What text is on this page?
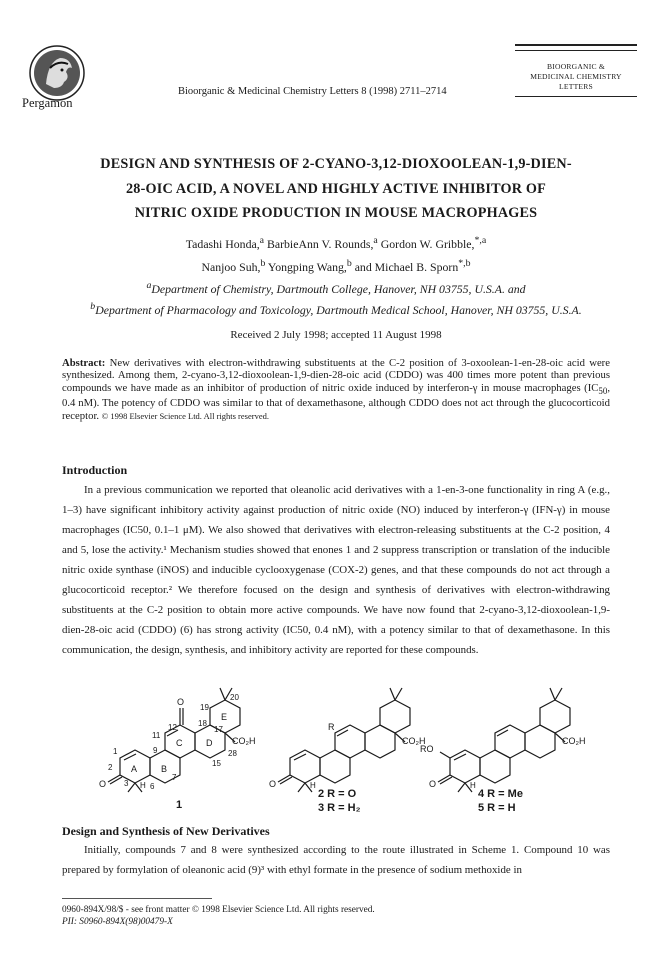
Pergamon
Bioorganic & Medicinal Chemistry Letters 8 (1998) 2711–2714
BIOORGANIC &
MEDICINAL CHEMISTRY
LETTERS
DESIGN AND SYNTHESIS OF 2-CYANO-3,12-DIOXOOLEAN-1,9-DIEN-
28-OIC ACID, A NOVEL AND HIGHLY ACTIVE INHIBITOR OF
NITRIC OXIDE PRODUCTION IN MOUSE MACROPHAGES
Tadashi Honda,$^a$ BarbieAnn V. Rounds,$^a$ Gordon W. Gribble,$^{*,a}$
Nanjoo Suh,$^b$ Yongping Wang,$^b$ and Michael B. Sporn$^{*,b}$
$^a$Department of Chemistry, Dartmouth College, Hanover, NH 03755, U.S.A. and
$^b$Department of Pharmacology and Toxicology, Dartmouth Medical School, Hanover, NH 03755, U.S.A.
Received 2 July 1998; accepted 11 August 1998
Abstract: New derivatives with electron-withdrawing substituents at the C-2 position of 3-oxoolean-1-en-28-oic acid were synthesized. Among them, 2-cyano-3,12-dioxoolean-1,9-dien-28-oic acid (CDDO) was 400 times more potent than previous compounds we have made as an inhibitor of production of nitric oxide induced by interferon-γ in mouse macrophages ($IC_{50}$, 0.4 nM). The potency of CDDO was similar to that of dexamethasone, although CDDO does not act through the glucocorticoid receptor. © 1998 Elsevier Science Ltd. All rights reserved.
Introduction
In a previous communication we reported that oleanolic acid derivatives with a 1-en-3-one functionality in ring A (e.g., 1–3) have significant inhibitory activity against production of nitric oxide (NO) induced by interferon-γ (IFN-γ) in mouse macrophages (IC50, 0.1–1 μM). We also showed that derivatives with electron-releasing substituents at the C-2 position, 4 and 5, lose the activity.¹ Mechanism studies showed that enones 1 and 2 suppress transcription or translation of the inducible nitric oxide synthase (iNOS) and inducible cyclooxygenase (COX-2) genes, and that these compounds do not act through a glucocorticoid receptor.² We therefore focused on the design and synthesis of derivatives with electron-withdrawing substituents at the C-2 position to obtain more active compounds. We have now found that 2-cyano-3,12-dioxoolean-1,9-dien-28-oic acid (CDDO) (6) has strong activity (IC50, 0.4 nM), with a potency similar to that of dexamethasone. In this communication, the design, synthesis, and inhibitory activity are reported for these compounds.
A	B
C	D
E
1
2
3	6
7
9
11
12
15
17
18
19
20
28
O
O
H
CO₂H
1
R
CO₂H
O	H
2 R = O
3 R = H₂
RO
CO₂H
O	H
4 R = Me
5 R = H
Design and Synthesis of New Derivatives
Initially, compounds 7 and 8 were synthesized according to the route illustrated in Scheme 1. Compound 10 was prepared by formylation of oleanonic acid (9)³ with ethyl formate in the presence of sodium methoxide in
0960-894X/98/$ - see front matter © 1998 Elsevier Science Ltd. All rights reserved.
PII: S0960-894X(98)00479-X
